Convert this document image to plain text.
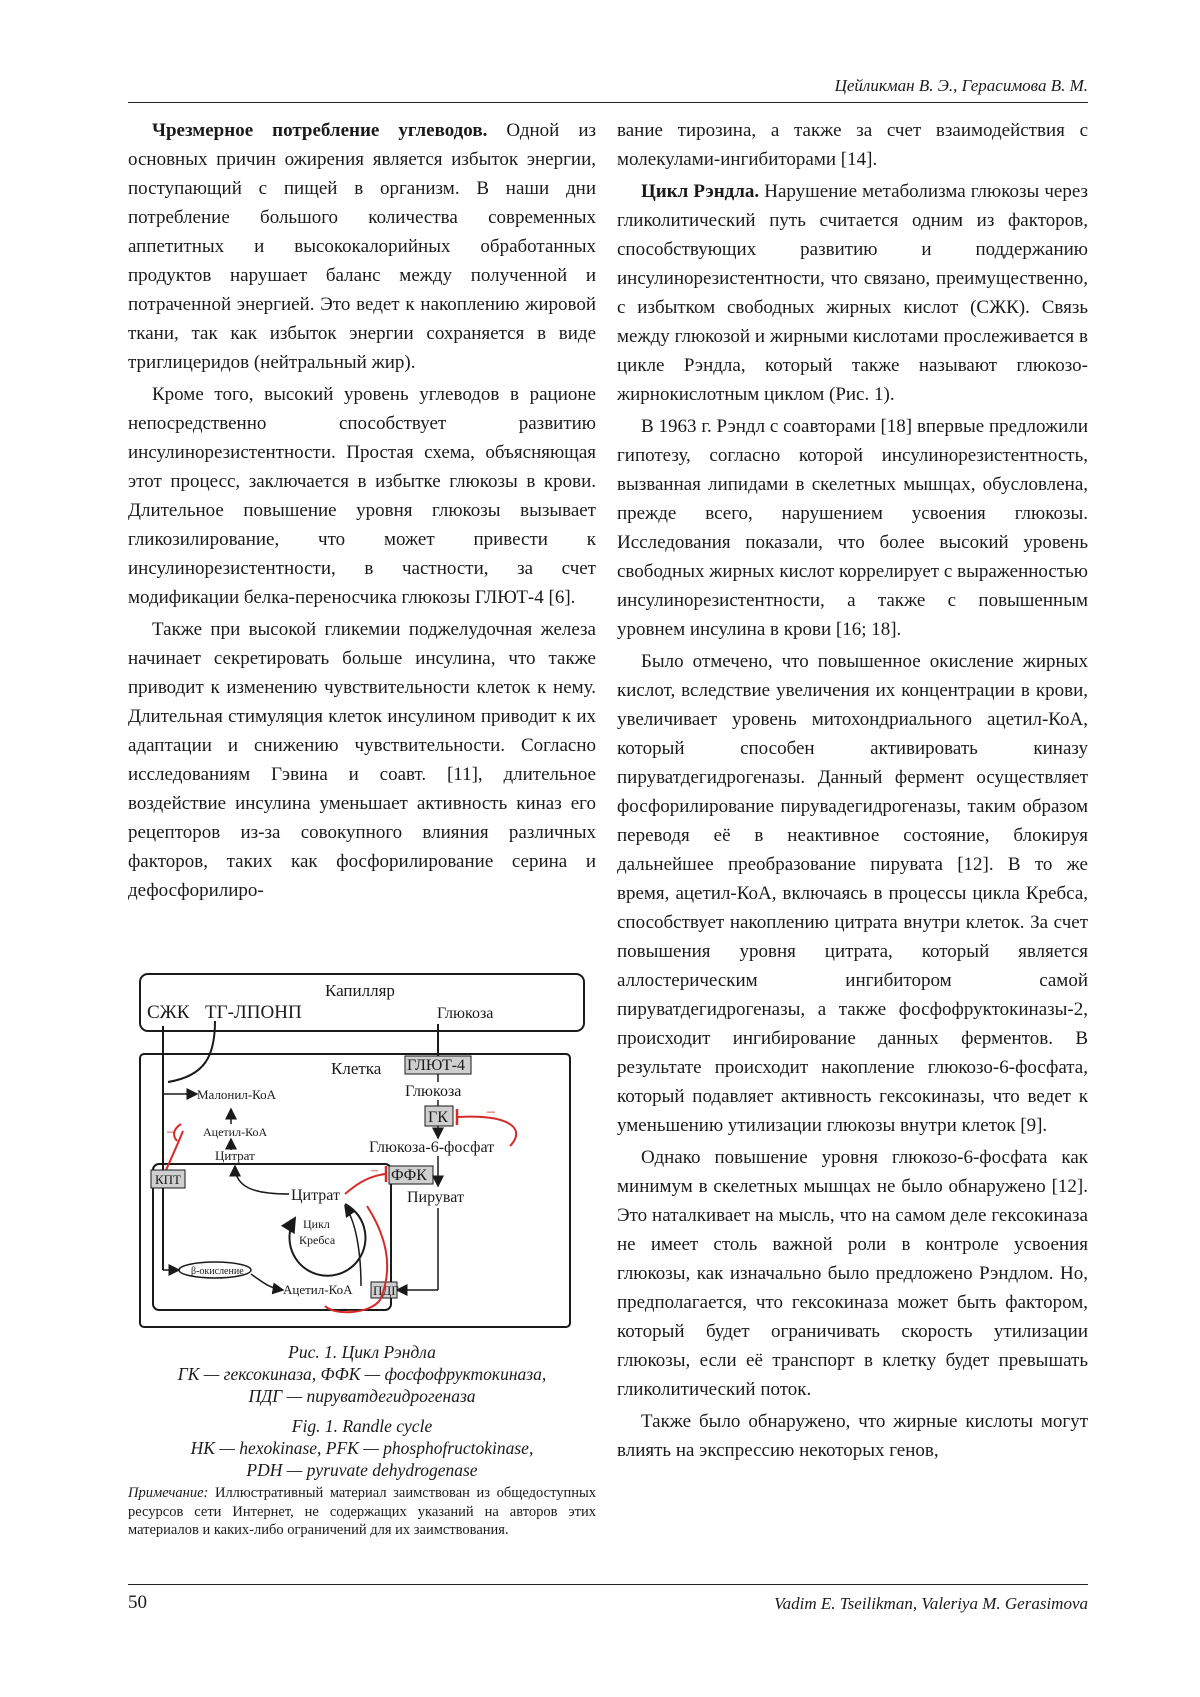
Цейликман В. Э., Герасимова В. М.

Чрезмерное потребление углеводов. Одной из основных причин ожирения является избыток энергии, поступающий с пищей в организм. В наши дни потребление большого количества современных аппетитных и высококалорийных обработанных продуктов нарушает баланс между полученной и потраченной энергией. Это ведет к накоплению жировой ткани, так как избыток энергии сохраняется в виде триглицеридов (нейтральный жир).

Кроме того, высокий уровень углеводов в рационе непосредственно способствует развитию инсулинорезистентности. Простая схема, объясняющая этот процесс, заключается в избытке глюкозы в крови. Длительное повышение уровня глюкозы вызывает гликозилирование, что может привести к инсулинорезистентности, в частности, за счет модификации белка-переносчика глюкозы ГЛЮТ-4 [6].

Также при высокой гликемии поджелудочная железа начинает секретировать больше инсулина, что также приводит к изменению чувствительности клеток к нему. Длительная стимуляция клеток инсулином приводит к их адаптации и снижению чувствительности. Согласно исследованиям Гэвина и соавт. [11], длительное воздействие инсулина уменьшает активность киназ его рецепторов из-за совокупного влияния различных факторов, таких как фосфорилирование серина и дефосфорилиро-

вание тирозина, а также за счет взаимодействия с молекулами-ингибиторами [14].

Цикл Рэндла. Нарушение метаболизма глюкозы через гликолитический путь считается одним из факторов, способствующих развитию и поддержанию инсулинорезистентности, что связано, преимущественно, с избытком свободных жирных кислот (СЖК). Связь между глюкозой и жирными кислотами прослеживается в цикле Рэндла, который также называют глюкозо-жирнокислотным циклом (Рис. 1).

В 1963 г. Рэндл с соавторами [18] впервые предложили гипотезу, согласно которой инсулинорезистентность, вызванная липидами в скелетных мышцах, обусловлена, прежде всего, нарушением усвоения глюкозы. Исследования показали, что более высокий уровень свободных жирных кислот коррелирует с выраженностью инсулинорезистентности, а также с повышенным уровнем инсулина в крови [16; 18].

Было отмечено, что повышенное окисление жирных кислот, вследствие увеличения их концентрации в крови, увеличивает уровень митохондриального ацетил-КоА, который способен активировать киназу пируватдегидрогеназы. Данный фермент осуществляет фосфорилирование пирувадегидрогеназы, таким образом переводя её в неактивное состояние, блокируя дальнейшее преобразование пирувата [12]. В то же время, ацетил-КоА, включаясь в процессы цикла Кребса, способствует накоплению цитрата внутри клеток. За счет повышения уровня цитрата, который является аллостерическим ингибитором самой пируватдегидрогеназы, а также фосфофруктокиназы-2, происходит ингибирование данных ферментов. В результате происходит накопление глюкозо-6-фосфата, который подавляет активность гексокиназы, что ведет к уменьшению утилизации глюкозы внутри клеток [9].

Однако повышение уровня глюкозо-6-фосфата как минимум в скелетных мышцах не было обнаружено [12]. Это наталкивает на мысль, что на самом деле гексокиназа не имеет столь важной роли в контроле усвоения глюкозы, как изначально было предложено Рэндлом. Но, предполагается, что гексокиназа может быть фактором, который будет ограничивать скорость утилизации глюкозы, если её транспорт в клетку будет превышать гликолитический поток.

Также было обнаружено, что жирные кислоты могут влиять на экспрессию некоторых генов,

Капилляр
СЖК ТГ-ЛПОНП	Глюкоза
Клетка
Малонил-КоА
Ацетил-КоА
Цитрат
–
КПТ
Цитрат
Цикл
Кребса
β-окисление
Ацетил-КоА
ГЛЮТ-4
Глюкоза
ГК –
Глюкоза-6-фосфат
ФФК
–
Пируват
ПДГ
–
Рис. 1. Цикл Рэндла
ГК — гексокиназа, ФФК — фосфофруктокиназа,
ПДГ — пируватдегидрогеназа
Fig. 1. Randle cycle
HK — hexokinase, PFK — phosphofructokinase,
PDH — pyruvate dehydrogenase
Примечание: Иллюстративный материал заимствован из общедоступных ресурсов сети Интернет, не содержащих указаний на авторов этих материалов и каких-либо ограничений для их заимствования.
50	Vadim E. Tseilikman, Valeriya M. Gerasimova
